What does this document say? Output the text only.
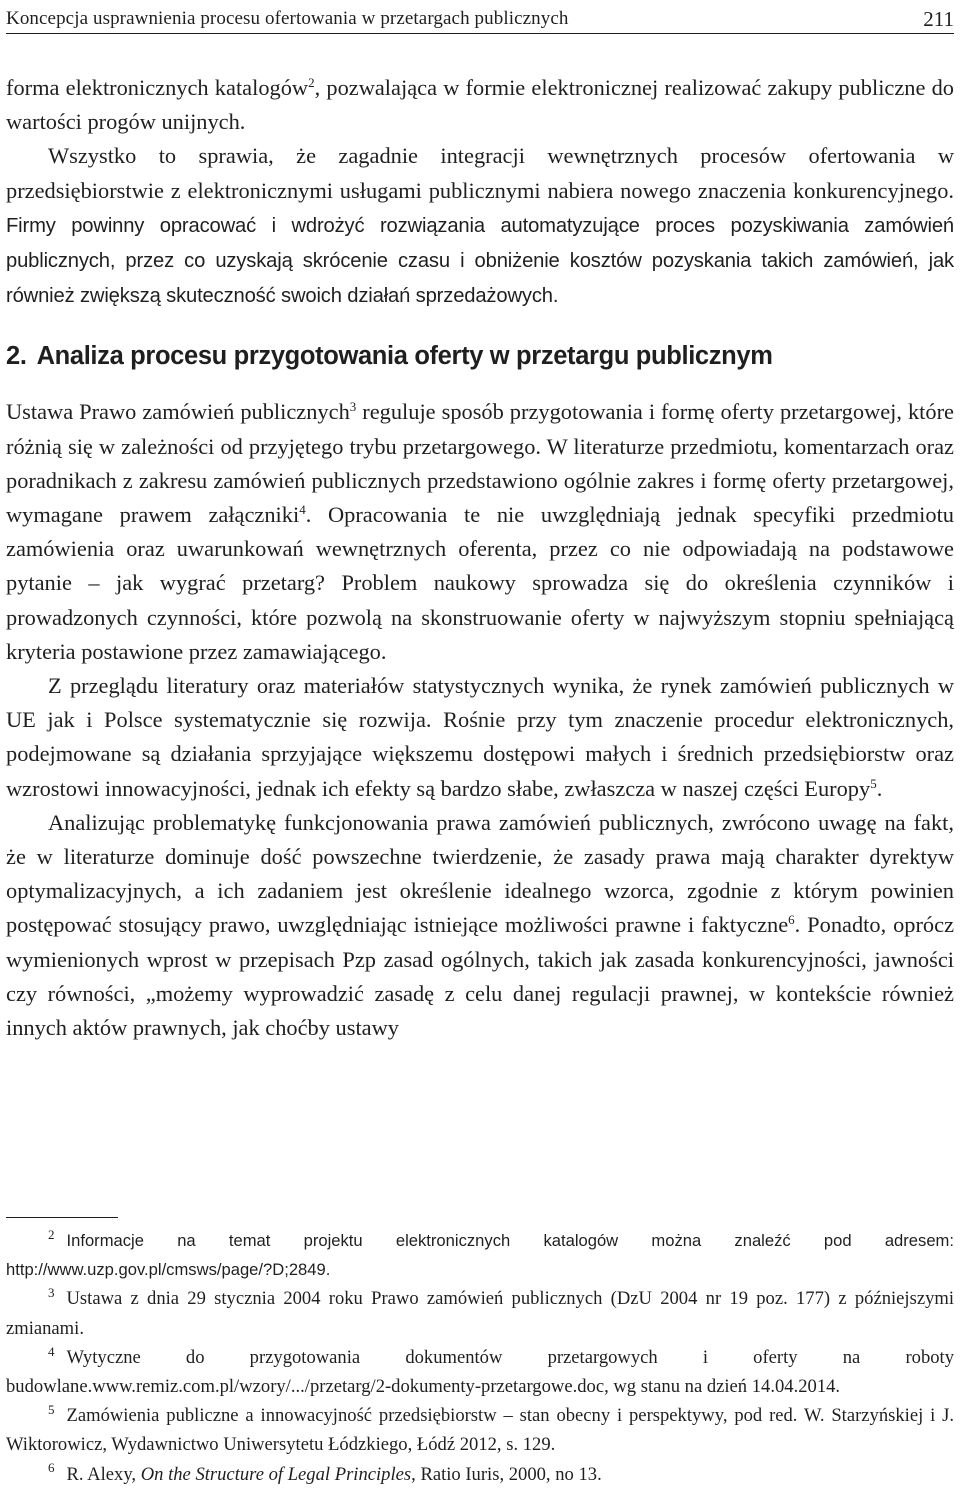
Koncepcja usprawnienia procesu ofertowania w przetargach publicznych	211

forma elektronicznych katalogów$^2$, pozwalająca w formie elektronicznej realizować zakupy publiczne do wartości progów unijnych.

Wszystko to sprawia, że zagadnie integracji wewnętrznych procesów ofertowania w przedsiębiorstwie z elektronicznymi usługami publicznymi nabiera nowego znaczenia konkurencyjnego. Firmy powinny opracować i wdrożyć rozwiązania automatyzujące proces pozyskiwania zamówień publicznych, przez co uzyskają skrócenie czasu i obniżenie kosztów pozyskania takich zamówień, jak również zwiększą skuteczność swoich działań sprzedażowych.

2. Analiza procesu przygotowania oferty w przetargu publicznym

Ustawa Prawo zamówień publicznych$^3$ reguluje sposób przygotowania i formę oferty przetargowej, które różnią się w zależności od przyjętego trybu przetargowego. W literaturze przedmiotu, komentarzach oraz poradnikach z zakresu zamówień publicznych przedstawiono ogólnie zakres i formę oferty przetargowej, wymagane prawem załączniki$^4$. Opracowania te nie uwzględniają jednak specyfiki przedmiotu zamówienia oraz uwarunkowań wewnętrznych oferenta, przez co nie odpowiadają na podstawowe pytanie – jak wygrać przetarg? Problem naukowy sprowadza się do określenia czynników i prowadzonych czynności, które pozwolą na skonstruowanie oferty w najwyższym stopniu spełniającą kryteria postawione przez zamawiającego.

Z przeglądu literatury oraz materiałów statystycznych wynika, że rynek zamówień publicznych w UE jak i Polsce systematycznie się rozwija. Rośnie przy tym znaczenie procedur elektronicznych, podejmowane są działania sprzyjające większemu dostępowi małych i średnich przedsiębiorstw oraz wzrostowi innowacyjności, jednak ich efekty są bardzo słabe, zwłaszcza w naszej części Europy$^5$.

Analizując problematykę funkcjonowania prawa zamówień publicznych, zwrócono uwagę na fakt, że w literaturze dominuje dość powszechne twierdzenie, że zasady prawa mają charakter dyrektyw optymalizacyjnych, a ich zadaniem jest określenie idealnego wzorca, zgodnie z którym powinien postępować stosujący prawo, uwzględniając istniejące możliwości prawne i faktyczne$^6$. Ponadto, oprócz wymienionych wprost w przepisach Pzp zasad ogólnych, takich jak zasada konkurencyjności, jawności czy równości, „możemy wyprowadzić zasadę z celu danej regulacji prawnej, w kontekście również innych aktów prawnych, jak choćby ustawy

$^2$ Informacje na temat projektu elektronicznych katalogów można znaleźć pod adresem: http://www.uzp.gov.pl/cmsws/page/?D;2849.

$^3$ Ustawa z dnia 29 stycznia 2004 roku Prawo zamówień publicznych (DzU 2004 nr 19 poz. 177) z późniejszymi zmianami.

$^4$ Wytyczne do przygotowania dokumentów przetargowych i oferty na roboty budowlane.www.remiz.com.pl/wzory/.../przetarg/2-dokumenty-przetargowe.doc, wg stanu na dzień 14.04.2014.

$^5$ Zamówienia publiczne a innowacyjność przedsiębiorstw – stan obecny i perspektywy, pod red. W. Starzyńskiej i J. Wiktorowicz, Wydawnictwo Uniwersytetu Łódzkiego, Łódź 2012, s. 129.

$^6$ R. Alexy, On the Structure of Legal Principles, Ratio Iuris, 2000, no 13.
